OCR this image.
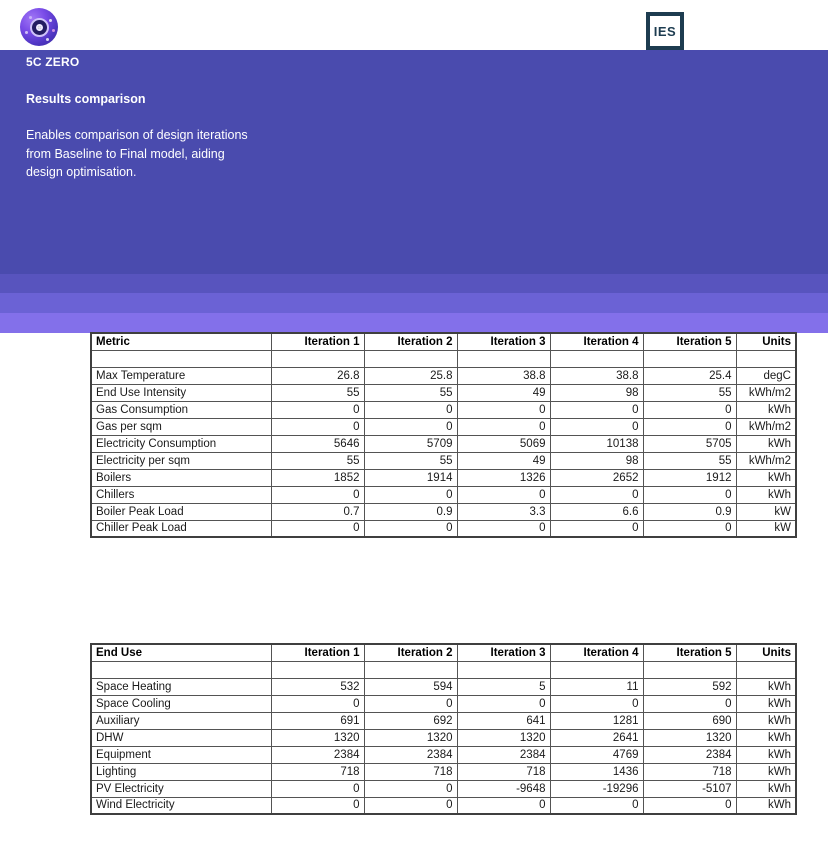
IES
5C ZERO
Results comparison
Enables comparison of design iterations
from Baseline to Final model, aiding
design optimisation.
Metric	Iteration 1	Iteration 2	Iteration 3	Iteration 4	Iteration 5	Units

Max Temperature	26.8	25.8	38.8	38.8	25.4	degC
End Use Intensity	55	55	49	98	55	kWh/m2
Gas Consumption	0	0	0	0	0	kWh
Gas per sqm	0	0	0	0	0	kWh/m2
Electricity Consumption	5646	5709	5069	10138	5705	kWh
Electricity per sqm	55	55	49	98	55	kWh/m2
Boilers	1852	1914	1326	2652	1912	kWh
Chillers	0	0	0	0	0	kWh
Boiler Peak Load	0.7	0.9	3.3	6.6	0.9	kW
Chiller Peak Load	0	0	0	0	0	kW
End Use	Iteration 1	Iteration 2	Iteration 3	Iteration 4	Iteration 5	Units

Space Heating	532	594	5	11	592	kWh
Space Cooling	0	0	0	0	0	kWh
Auxiliary	691	692	641	1281	690	kWh
DHW	1320	1320	1320	2641	1320	kWh
Equipment	2384	2384	2384	4769	2384	kWh
Lighting	718	718	718	1436	718	kWh
PV Electricity	0	0	-9648	-19296	-5107	kWh
Wind Electricity	0	0	0	0	0	kWh
